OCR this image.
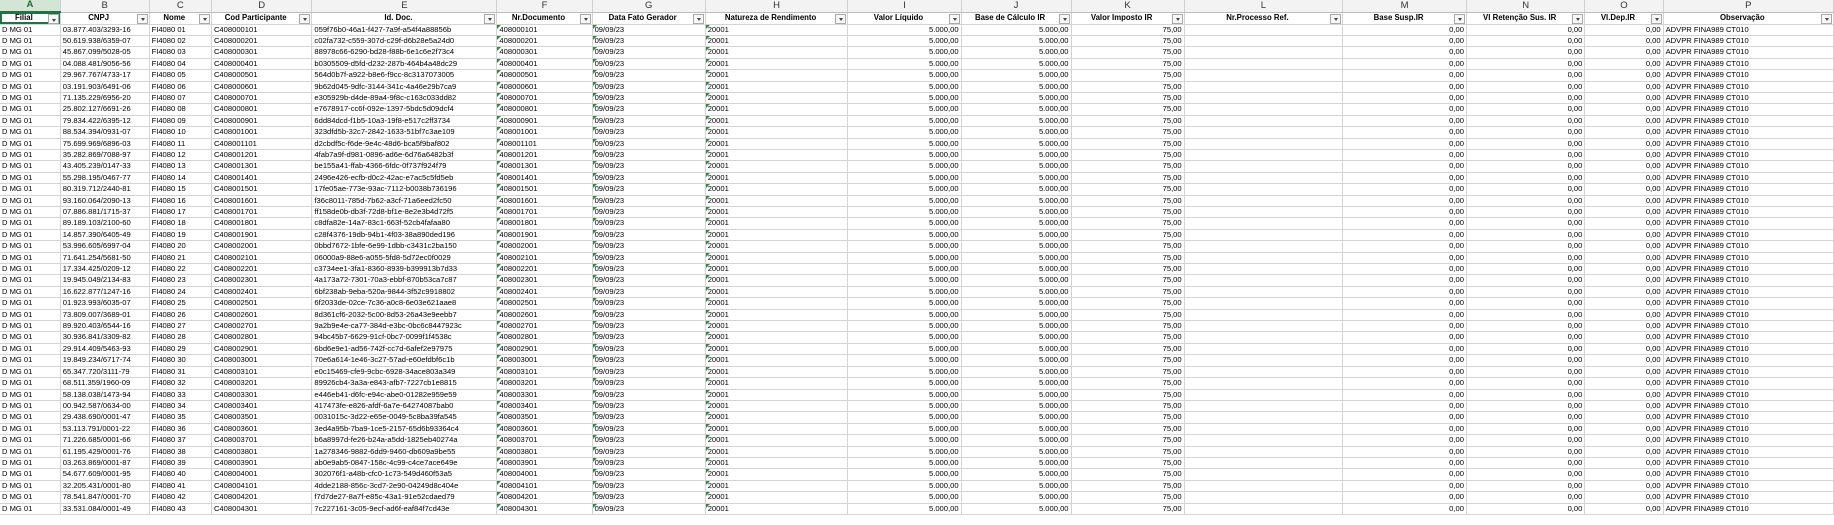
A	B	C	D	E	F	G	H	I	J	K	L	M	N	O	P
Filial	CNPJ	Nome	Cod Participante	Id. Doc.	Nr.Documento	Data Fato Gerador	Natureza de Rendimento	Valor Líquido	Base de Cálculo IR	Valor Imposto IR	Nr.Processo Ref.	Base Susp.IR	Vl Retenção Sus. IR	Vl.Dep.IR	Observação

D MG 01	03.877.403/3293-16	FI4080 01	C408000101	059f76b0-46a1-f427-7a9f-a54f4a88856b	408000101	09/09/23	20001	5.000,00	5.000,00	75,00		0,00	0,00	0,00	ADVPR FINA989 CT010
D MG 01	50.619.938/6359-07	FI4080 02	C408000201	c02fa732-c559-307d-c29f-d6b28e5a24d0	408000201	09/09/23	20001	5.000,00	5.000,00	75,00		0,00	0,00	0,00	ADVPR FINA989 CT010
D MG 01	45.867.099/5028-05	FI4080 03	C408000301	88978c66-6290-bd28-f88b-6e1c6e2f73c4	408000301	09/09/23	20001	5.000,00	5.000,00	75,00		0,00	0,00	0,00	ADVPR FINA989 CT010
D MG 01	04.088.481/9056-56	FI4080 04	C408000401	b0305509-d5fd-d232-287b-464b4a48dc29	408000401	09/09/23	20001	5.000,00	5.000,00	75,00		0,00	0,00	0,00	ADVPR FINA989 CT010
D MG 01	29.967.767/4733-17	FI4080 05	C408000501	564d0b7f-a922-b8e6-f9cc-8c3137073005	408000501	09/09/23	20001	5.000,00	5.000,00	75,00		0,00	0,00	0,00	ADVPR FINA989 CT010
D MG 01	03.191.903/6491-06	FI4080 06	C408000601	9b62d045-9dfc-3144-341c-4a46e29b7ca9	408000601	09/09/23	20001	5.000,00	5.000,00	75,00		0,00	0,00	0,00	ADVPR FINA989 CT010
D MG 01	71.135.229/6956-20	FI4080 07	C408000701	e305929b-d4de-89a4-9f8c-c163c033dd82	408000701	09/09/23	20001	5.000,00	5.000,00	75,00		0,00	0,00	0,00	ADVPR FINA989 CT010
D MG 01	25.802.127/6691-26	FI4080 08	C408000801	e7678917-cc6f-092e-1397-5bdc5d09dcf4	408000801	09/09/23	20001	5.000,00	5.000,00	75,00		0,00	0,00	0,00	ADVPR FINA989 CT010
D MG 01	79.834.422/6395-12	FI4080 09	C408000901	6dd84dcd-f1b5-10a3-19f8-e517c2ff3734	408000901	09/09/23	20001	5.000,00	5.000,00	75,00		0,00	0,00	0,00	ADVPR FINA989 CT010
D MG 01	88.534.394/0931-07	FI4080 10	C408001001	323dfd5b-32c7-2842-1633-51bf7c3ae109	408001001	09/09/23	20001	5.000,00	5.000,00	75,00		0,00	0,00	0,00	ADVPR FINA989 CT010
D MG 01	75.699.969/6896-03	FI4080 11	C408001101	d2cbdf5c-f6de-9e4c-48d6-bca5f9baf802	408001101	09/09/23	20001	5.000,00	5.000,00	75,00		0,00	0,00	0,00	ADVPR FINA989 CT010
D MG 01	35.282.869/7088-97	FI4080 12	C408001201	4fab7a9f-d981-0896-ad6e-6d76a6482b3f	408001201	09/09/23	20001	5.000,00	5.000,00	75,00		0,00	0,00	0,00	ADVPR FINA989 CT010
D MG 01	43.405.239/0147-33	FI4080 13	C408001301	be155a41-ffab-4366-6fdc-0f737f924f79	408001301	09/09/23	20001	5.000,00	5.000,00	75,00		0,00	0,00	0,00	ADVPR FINA989 CT010
D MG 01	55.298.195/0467-77	FI4080 14	C408001401	2496e426-ecfb-d0c2-42ac-e7ac5c5fd5eb	408001401	09/09/23	20001	5.000,00	5.000,00	75,00		0,00	0,00	0,00	ADVPR FINA989 CT010
D MG 01	80.319.712/2440-81	FI4080 15	C408001501	17fe05ae-773e-93ac-7112-b0038b736196	408001501	09/09/23	20001	5.000,00	5.000,00	75,00		0,00	0,00	0,00	ADVPR FINA989 CT010
D MG 01	93.160.064/2090-13	FI4080 16	C408001601	f36c8011-785d-7b62-a3cf-71a6eed2fc50	408001601	09/09/23	20001	5.000,00	5.000,00	75,00		0,00	0,00	0,00	ADVPR FINA989 CT010
D MG 01	07.886.881/1715-37	FI4080 17	C408001701	ff158de0b-db3f-72d8-bf1e-8e2e3b4d72f5	408001701	09/09/23	20001	5.000,00	5.000,00	75,00		0,00	0,00	0,00	ADVPR FINA989 CT010
D MG 01	89.189.103/2100-60	FI4080 18	C408001801	c8dfa82e-14a7-83c1-663f-52cb4fafaa80	408001801	09/09/23	20001	5.000,00	5.000,00	75,00		0,00	0,00	0,00	ADVPR FINA989 CT010
D MG 01	14.857.390/6405-49	FI4080 19	C408001901	c28f4376-19db-94b1-4f03-38a890ded196	408001901	09/09/23	20001	5.000,00	5.000,00	75,00		0,00	0,00	0,00	ADVPR FINA989 CT010
D MG 01	53.996.605/6997-04	FI4080 20	C408002001	0bbd7672-1bfe-6e99-1dbb-c3431c2ba150	408002001	09/09/23	20001	5.000,00	5.000,00	75,00		0,00	0,00	0,00	ADVPR FINA989 CT010
D MG 01	71.641.254/5681-50	FI4080 21	C408002101	06000a9-88e6-a055-5fd8-5d72ec0f0029	408002101	09/09/23	20001	5.000,00	5.000,00	75,00		0,00	0,00	0,00	ADVPR FINA989 CT010
D MG 01	17.334.425/0209-12	FI4080 22	C408002201	c3734ee1-3fa1-8360-8939-b399913b7d33	408002201	09/09/23	20001	5.000,00	5.000,00	75,00		0,00	0,00	0,00	ADVPR FINA989 CT010
D MG 01	19.945.049/2134-83	FI4080 23	C408002301	4a173a72-7301-70a3-ebbf-870b53ca7c87	408002301	09/09/23	20001	5.000,00	5.000,00	75,00		0,00	0,00	0,00	ADVPR FINA989 CT010
D MG 01	16.622.877/1247-16	FI4080 24	C408002401	6bf238ab-9eba-520a-9844-3f52c9918802	408002401	09/09/23	20001	5.000,00	5.000,00	75,00		0,00	0,00	0,00	ADVPR FINA989 CT010
D MG 01	01.923.993/6035-07	FI4080 25	C408002501	6f2033de-02ce-7c36-a0c8-6e03e621aae8	408002501	09/09/23	20001	5.000,00	5.000,00	75,00		0,00	0,00	0,00	ADVPR FINA989 CT010
D MG 01	73.809.007/3689-01	FI4080 26	C408002601	8d361cf6-2032-5c00-8d53-26a43e9eebb7	408002601	09/09/23	20001	5.000,00	5.000,00	75,00		0,00	0,00	0,00	ADVPR FINA989 CT010
D MG 01	89.920.403/6544-16	FI4080 27	C408002701	9a2b9e4e-ca77-384d-e3bc-0bc6c8447923c	408002701	09/09/23	20001	5.000,00	5.000,00	75,00		0,00	0,00	0,00	ADVPR FINA989 CT010
D MG 01	30.936.841/3309-82	FI4080 28	C408002801	94bc45b7-6629-91cf-0bc7-0099f1f4538c	408002801	09/09/23	20001	5.000,00	5.000,00	75,00		0,00	0,00	0,00	ADVPR FINA989 CT010
D MG 01	29.914.409/5463-93	FI4080 29	C408002901	6bd6e9e1-ad56-742f-cc7d-6afef2e97975	408002901	09/09/23	20001	5.000,00	5.000,00	75,00		0,00	0,00	0,00	ADVPR FINA989 CT010
D MG 01	19.849.234/6717-74	FI4080 30	C408003001	70e6a614-1e46-3c27-57ad-e60efdbf6c1b	408003001	09/09/23	20001	5.000,00	5.000,00	75,00		0,00	0,00	0,00	ADVPR FINA989 CT010
D MG 01	65.347.720/3111-79	FI4080 31	C408003101	e0c15469-cfe9-9cbc-6928-34ace803a349	408003101	09/09/23	20001	5.000,00	5.000,00	75,00		0,00	0,00	0,00	ADVPR FINA989 CT010
D MG 01	68.511.359/1960-09	FI4080 32	C408003201	89926cb4-3a3a-e843-afb7-7227cb1e8815	408003201	09/09/23	20001	5.000,00	5.000,00	75,00		0,00	0,00	0,00	ADVPR FINA989 CT010
D MG 01	58.138.038/1473-94	FI4080 33	C408003301	e446eb41-d6fc-e94c-abe0-01282e959e59	408003301	09/09/23	20001	5.000,00	5.000,00	75,00		0,00	0,00	0,00	ADVPR FINA989 CT010
D MG 01	00.942.587/0634-00	FI4080 34	C408003401	417473fe-e826-afdf-6a7e-64274087bab0	408003401	09/09/23	20001	5.000,00	5.000,00	75,00		0,00	0,00	0,00	ADVPR FINA989 CT010
D MG 01	29.438.690/0001-47	FI4080 35	C408003501	0031015c-3d22-e65e-0049-5c8ba39fa545	408003501	09/09/23	20001	5.000,00	5.000,00	75,00		0,00	0,00	0,00	ADVPR FINA989 CT010
D MG 01	53.113.791/0001-22	FI4080 36	C408003601	3ed4a95b-7ba9-1ce5-2157-65d6b93364c4	408003601	09/09/23	20001	5.000,00	5.000,00	75,00		0,00	0,00	0,00	ADVPR FINA989 CT010
D MG 01	71.226.685/0001-66	FI4080 37	C408003701	b6a8997d-fe26-b24a-a5dd-1825eb40274a	408003701	09/09/23	20001	5.000,00	5.000,00	75,00		0,00	0,00	0,00	ADVPR FINA989 CT010
D MG 01	61.195.429/0001-76	FI4080 38	C408003801	1a278346-9882-6dd9-9460-db609a9be55	408003801	09/09/23	20001	5.000,00	5.000,00	75,00		0,00	0,00	0,00	ADVPR FINA989 CT010
D MG 01	03.263.869/0001-87	FI4080 39	C408003901	ab0e9ab5-0847-158c-4c99-c4ce7ace649e	408003901	09/09/23	20001	5.000,00	5.000,00	75,00		0,00	0,00	0,00	ADVPR FINA989 CT010
D MG 01	54.677.609/0001-95	FI4080 40	C408004001	302076f1-a48b-cfc0-1c73-549d460f53a5	408004001	09/09/23	20001	5.000,00	5.000,00	75,00		0,00	0,00	0,00	ADVPR FINA989 CT010
D MG 01	32.205.431/0001-80	FI4080 41	C408004101	4dde2188-856c-3cd7-2e90-04249d8c404e	408004101	09/09/23	20001	5.000,00	5.000,00	75,00		0,00	0,00	0,00	ADVPR FINA989 CT010
D MG 01	78.541.847/0001-70	FI4080 42	C408004201	f7d7de27-8a7f-e85c-43a1-91e52cdaed79	408004201	09/09/23	20001	5.000,00	5.000,00	75,00		0,00	0,00	0,00	ADVPR FINA989 CT010
D MG 01	33.531.084/0001-49	FI4080 43	C408004301	7c227161-3c05-9ecf-ad6f-eaf84f7cd43e	408004301	09/09/23	20001	5.000,00	5.000,00	75,00		0,00	0,00	0,00	ADVPR FINA989 CT010
